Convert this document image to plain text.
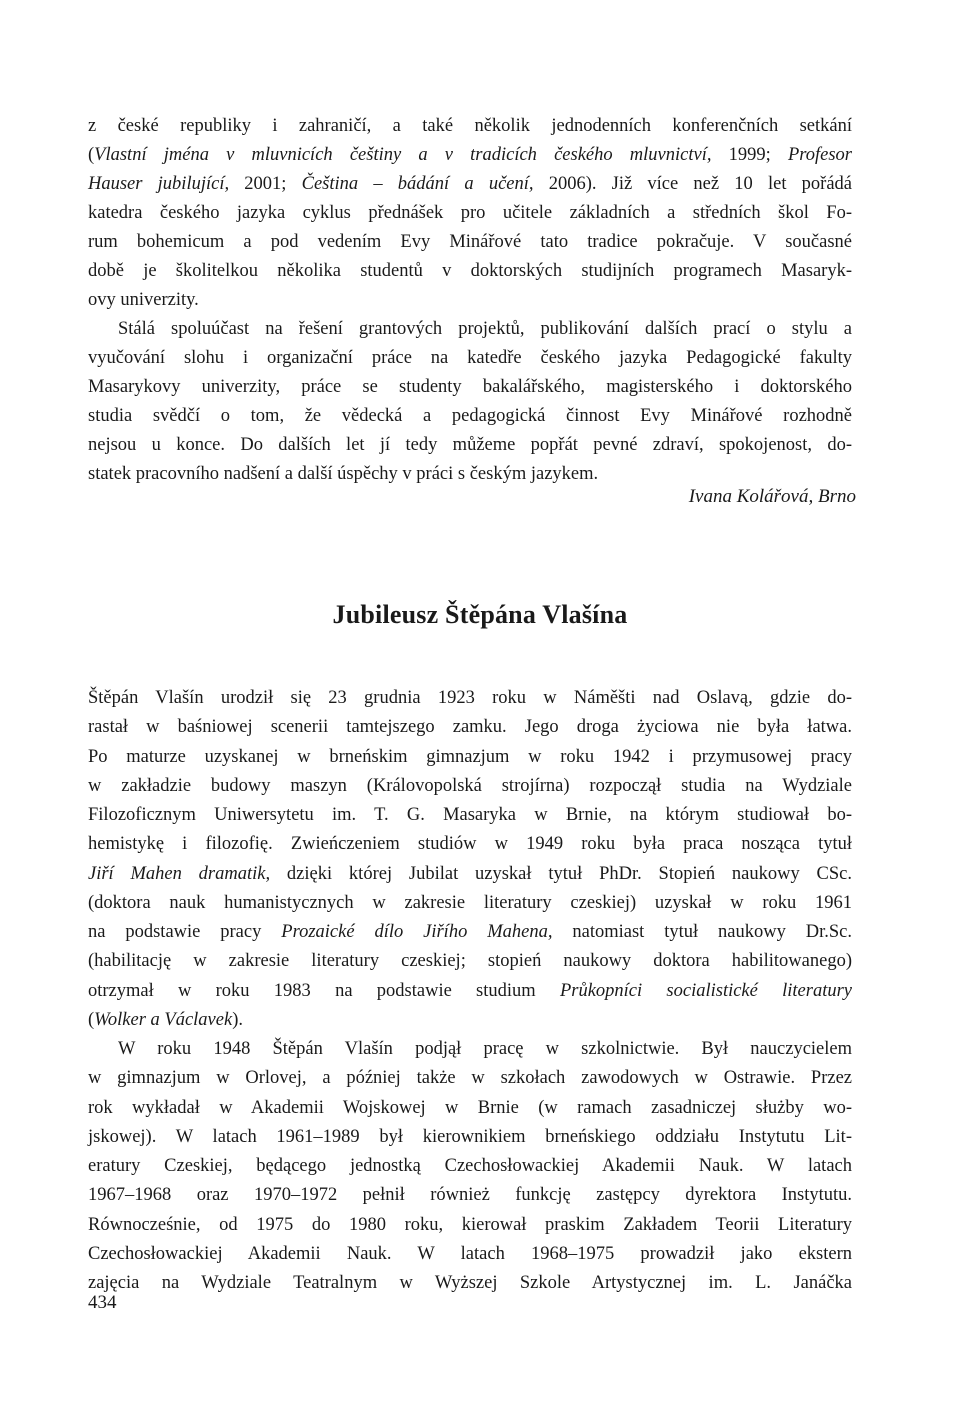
z české republiky i zahraničí, a také několik jednodenních konferenčních setkání
(Vlastní jména v mluvnicích češtiny a v tradicích českého mluvnictví, 1999; Profesor
Hauser jubilující, 2001; Čeština – bádání a učení, 2006). Již více než 10 let pořádá
katedra českého jazyka cyklus přednášek pro učitele základních a středních škol Fo-
rum bohemicum a pod vedením Evy Minářové tato tradice pokračuje. V současné
době je školitelkou několika studentů v doktorských studijních programech Masaryk-
ovy univerzity.
Stálá spoluúčast na řešení grantových projektů, publikování dalších prací o stylu a
vyučování slohu i organizační práce na katedře českého jazyka Pedagogické fakulty
Masarykovy univerzity, práce se studenty bakalářského, magisterského i doktorského
studia svědčí o tom, že vědecká a pedagogická činnost Evy Minářové rozhodně
nejsou u konce. Do dalších let jí tedy můžeme popřát pevné zdraví, spokojenost, do-
statek pracovního nadšení a další úspěchy v práci s českým jazykem.
Ivana Kolářová, Brno
Jubileusz Štěpána Vlašína
Štěpán Vlašín urodził się 23 grudnia 1923 roku w Náměšti nad Oslavą, gdzie do-
rastał w baśniowej scenerii tamtejszego zamku. Jego droga życiowa nie była łatwa.
Po maturze uzyskanej w brneńskim gimnazjum w roku 1942 i przymusowej pracy
w zakładzie budowy maszyn (Královopolská strojírna) rozpoczął studia na Wydziale
Filozoficznym Uniwersytetu im. T. G. Masaryka w Brnie, na którym studiował bo-
hemistykę i filozofię. Zwieńczeniem studiów w 1949 roku była praca nosząca tytuł
Jiří Mahen dramatik, dzięki której Jubilat uzyskał tytuł PhDr. Stopień naukowy CSc.
(doktora nauk humanistycznych w zakresie literatury czeskiej) uzyskał w roku 1961
na podstawie pracy Prozaické dílo Jiřího Mahena, natomiast tytuł naukowy Dr.Sc.
(habilitację w zakresie literatury czeskiej; stopień naukowy doktora habilitowanego)
otrzymał w roku 1983 na podstawie studium Průkopníci socialistické literatury
(Wolker a Václavek).
W roku 1948 Štěpán Vlašín podjął pracę w szkolnictwie. Był nauczycielem
w gimnazjum w Orlovej, a później także w szkołach zawodowych w Ostrawie. Przez
rok wykładał w Akademii Wojskowej w Brnie (w ramach zasadniczej służby wo-
jskowej). W latach 1961–1989 był kierownikiem brneńskiego oddziału Instytutu Lit-
eratury Czeskiej, będącego jednostką Czechosłowackiej Akademii Nauk. W latach
1967–1968 oraz 1970–1972 pełnił również funkcję zastępcy dyrektora Instytutu.
Równocześnie, od 1975 do 1980 roku, kierował praskim Zakładem Teorii Literatury
Czechosłowackiej Akademii Nauk. W latach 1968–1975 prowadził jako ekstern
zajęcia na Wydziale Teatralnym w Wyższej Szkole Artystycznej im. L. Janáčka
434
